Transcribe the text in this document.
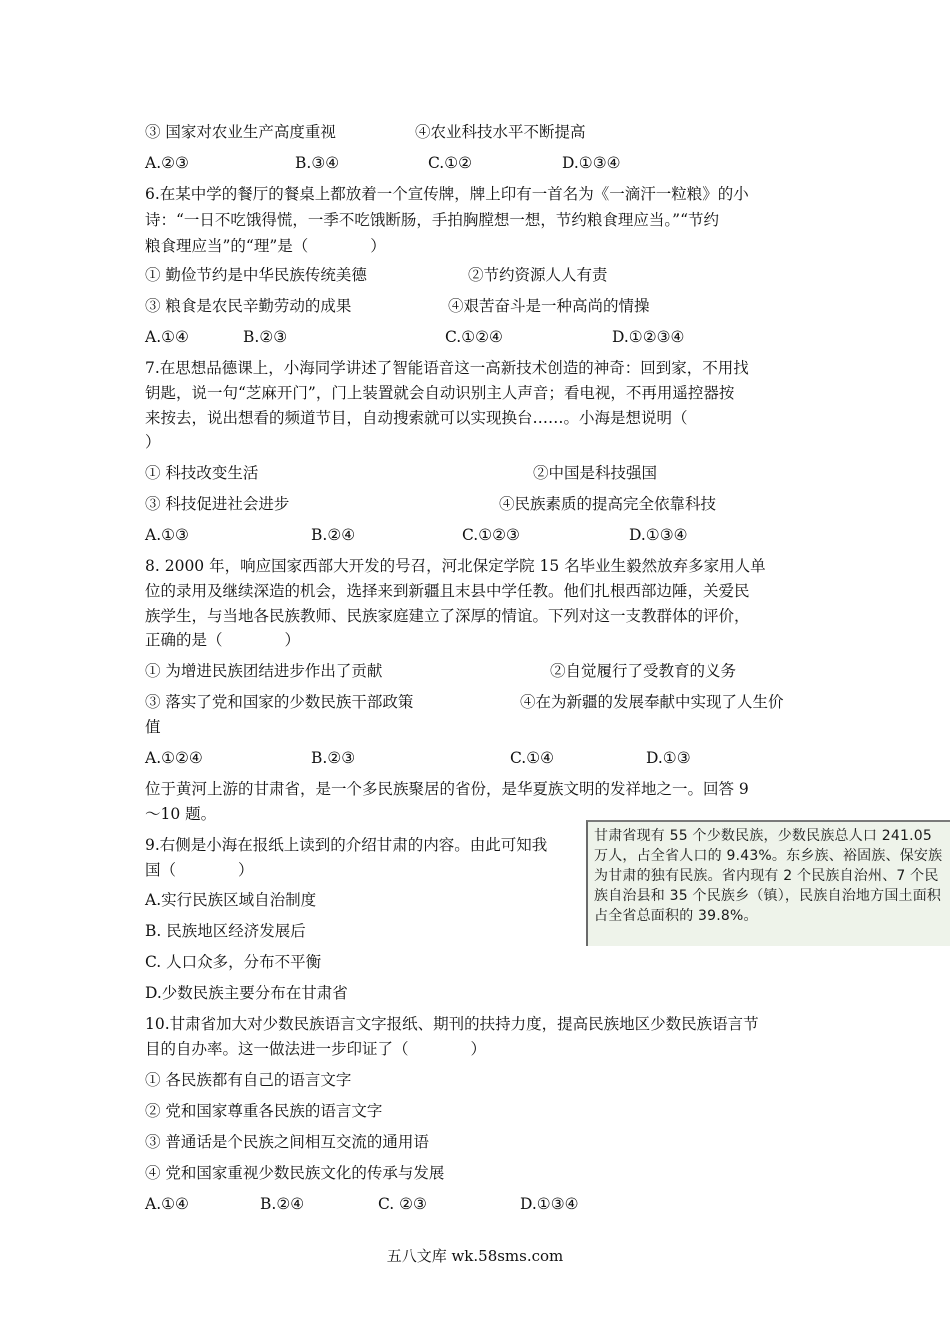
③ 国家对农业生产高度重视	④农业科技水平不断提高
A.②③	B.③④	C.①②	D.①③④
6.在某中学的餐厅的餐桌上都放着一个宣传牌，牌上印有一首名为《一滴汗一粒粮》的小
诗：“一日不吃饿得慌，一季不吃饿断肠，手拍胸膛想一想，节约粮食理应当。”“节约
粮食理应当”的“理”是（　　　　）
① 勤俭节约是中华民族传统美德	②节约资源人人有责
③ 粮食是农民辛勤劳动的成果	④艰苦奋斗是一种高尚的情操
A.①④	B.②③	C.①②④	D.①②③④
7.在思想品德课上，小海同学讲述了智能语音这一高新技术创造的神奇：回到家，不用找
钥匙，说一句“芝麻开门”，门上装置就会自动识别主人声音；看电视，不再用遥控器按
来按去，说出想看的频道节目，自动搜索就可以实现换台……。小海是想说明（
）
① 科技改变生活	②中国是科技强国
③ 科技促进社会进步	④民族素质的提高完全依靠科技
A.①③	B.②④	C.①②③	D.①③④
8. 2000 年，响应国家西部大开发的号召，河北保定学院 15 名毕业生毅然放弃多家用人单
位的录用及继续深造的机会，选择来到新疆且末县中学任教。他们扎根西部边陲，关爱民
族学生，与当地各民族教师、民族家庭建立了深厚的情谊。下列对这一支教群体的评价，
正确的是（　　　　）
① 为增进民族团结进步作出了贡献	②自觉履行了受教育的义务
③ 落实了党和国家的少数民族干部政策	④在为新疆的发展奉献中实现了人生价
值
A.①②④	B.②③	C.①④	D.①③
位于黄河上游的甘肃省，是一个多民族聚居的省份，是华夏族文明的发祥地之一。回答 9
～10 题。
9.右侧是小海在报纸上读到的介绍甘肃的内容。由此可知我
国（　　　　）
A.实行民族区域自治制度
B. 民族地区经济发展后
C. 人口众多，分布不平衡
D.少数民族主要分布在甘肃省
甘肃省现有 55 个少数民族，少数民族总人口 241.05 万人，占全省人口的 9.43%。东乡族、裕固族、保安族为甘肃的独有民族。省内现有 2 个民族自治州、7 个民族自治县和 35 个民族乡（镇），民族自治地方国土面积占全省总面积的 39.8%。
10.甘肃省加大对少数民族语言文字报纸、期刊的扶持力度，提高民族地区少数民族语言节
目的自办率。这一做法进一步印证了（　　　　）
① 各民族都有自己的语言文字
② 党和国家尊重各民族的语言文字
③ 普通话是个民族之间相互交流的通用语
④ 党和国家重视少数民族文化的传承与发展
A.①④	B.②④	C. ②③	D.①③④
五八文库 wk.58sms.com
